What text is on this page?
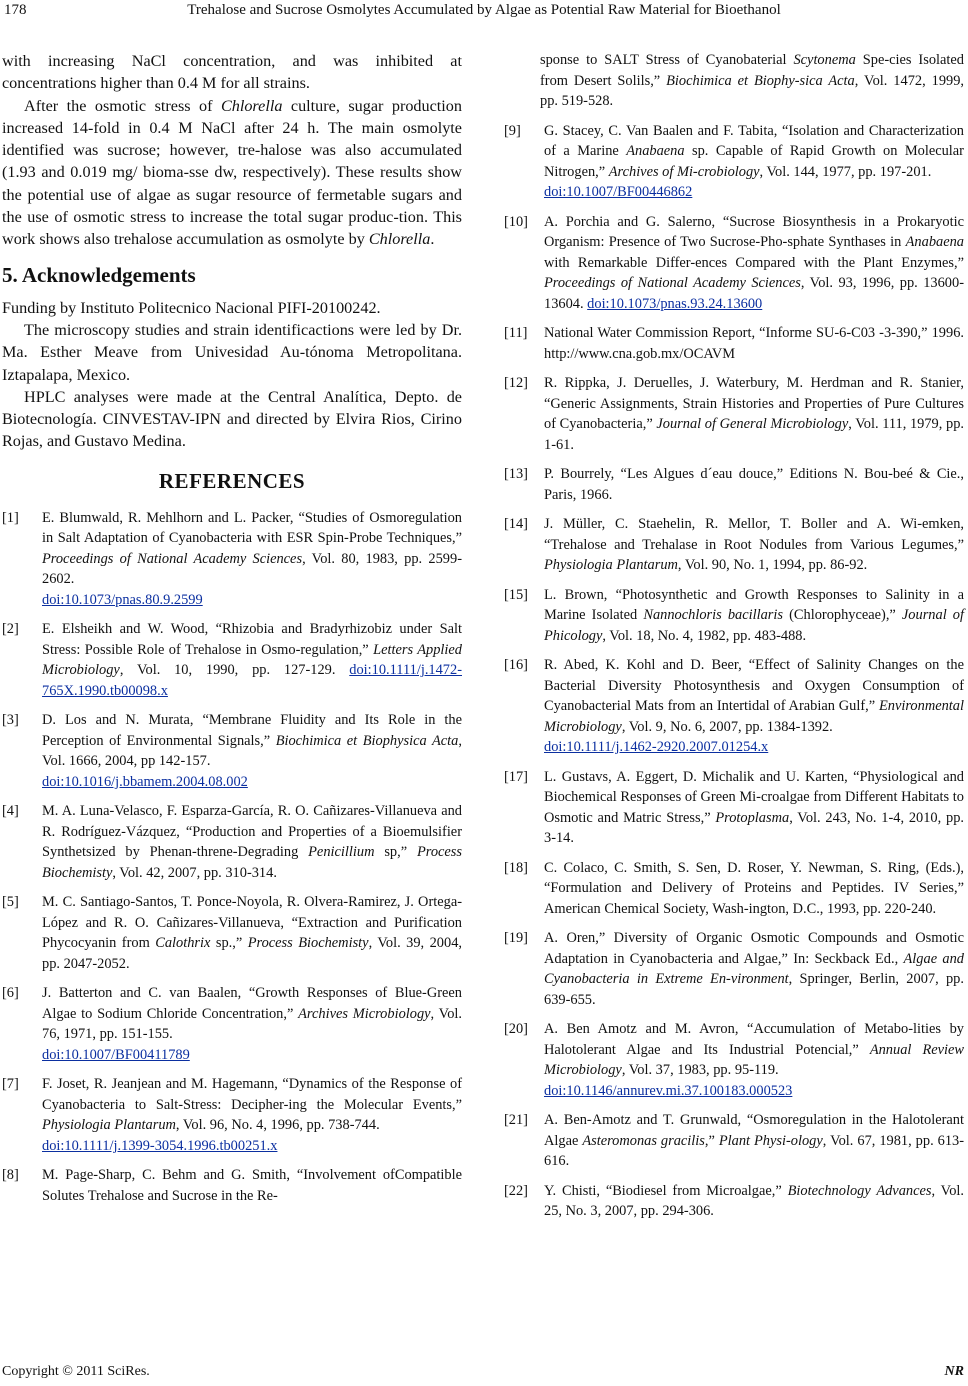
178	Trehalose and Sucrose Osmolytes Accumulated by Algae as Potential Raw Material for Bioethanol

with increasing NaCl concentration, and was inhibited at concentrations higher than 0.4 M for all strains.

After the osmotic stress of Chlorella culture, sugar production increased 14-fold in 0.4 M NaCl after 24 h. The main osmolyte identified was sucrose; however, tre-halose was also accumulated (1.93 and 0.019 mg/ bioma-sse dw, respectively). These results show the potential use of algae as sugar resource of fermetable sugars and the use of osmotic stress to increase the total sugar produc-tion. This work shows also trehalose accumulation as osmolyte by Chlorella.

5. Acknowledgements

Funding by Instituto Politecnico Nacional PIFI-20100242.

The microscopy studies and strain identificactions were led by Dr. Ma. Esther Meave from Univesidad Au-tónoma Metropolitana. Iztapalapa, Mexico.

HPLC analyses were made at the Central Analítica, Depto. de Biotecnología. CINVESTAV-IPN and directed by Elvira Rios, Cirino Rojas, and Gustavo Medina.

REFERENCES
[1]	E. Blumwald, R. Mehlhorn and L. Packer, “Studies of Osmoregulation in Salt Adaptation of Cyanobacteria with ESR Spin-Probe Techniques,” Proceedings of National Academy Sciences, Vol. 80, 1983, pp. 2599-2602.
doi:10.1073/pnas.80.9.2599
[2]	E. Elsheikh and W. Wood, “Rhizobia and Bradyrhizobiz under Salt Stress: Possible Role of Trehalose in Osmo-regulation,” Letters Applied Microbiology, Vol. 10, 1990, pp. 127-129. doi:10.1111/j.1472-765X.1990.tb00098.x
[3]	D. Los and N. Murata, “Membrane Fluidity and Its Role in the Perception of Environmental Signals,” Biochimica et Biophysica Acta, Vol. 1666, 2004, pp 142-157.
doi:10.1016/j.bbamem.2004.08.002
[4]	M. A. Luna-Velasco, F. Esparza-García, R. O. Cañizares-Villanueva and R. Rodríguez-Vázquez, “Production and Properties of a Bioemulsifier Synthetsized by Phenan-threne-Degrading Penicillium sp,” Process Biochemisty, Vol. 42, 2007, pp. 310-314.
[5]	M. C. Santiago-Santos, T. Ponce-Noyola, R. Olvera-Ramirez, J. Ortega-López and R. O. Cañizares-Villanueva, “Extraction and Purification Phycocyanin from Calothrix sp.,” Process Biochemisty, Vol. 39, 2004, pp. 2047-2052.
[6]	J. Batterton and C. van Baalen, “Growth Responses of Blue-Green Algae to Sodium Chloride Concentration,” Archives Microbiology, Vol. 76, 1971, pp. 151-155.
doi:10.1007/BF00411789
[7]	F. Joset, R. Jeanjean and M. Hagemann, “Dynamics of the Response of Cyanobacteria to Salt-Stress: Decipher-ing the Molecular Events,” Physiologia Plantarum, Vol. 96, No. 4, 1996, pp. 738-744.
doi:10.1111/j.1399-3054.1996.tb00251.x
[8]	M. Page-Sharp, C. Behm and G. Smith, “Involvement ofCompatible Solutes Trehalose and Sucrose in the Re-
sponse to SALT Stress of Cyanobaterial Scytonema Spe-cies Isolated from Desert Solils,” Biochimica et Biophy-sica Acta, Vol. 1472, 1999, pp. 519-528.
[9]	G. Stacey, C. Van Baalen and F. Tabita, “Isolation and Characterization of a Marine Anabaena sp. Capable of Rapid Growth on Molecular Nitrogen,” Archives of Mi-crobiology, Vol. 144, 1977, pp. 197-201.
doi:10.1007/BF00446862
[10]	A. Porchia and G. Salerno, “Sucrose Biosynthesis in a Prokaryotic Organism: Presence of Two Sucrose-Pho-sphate Synthases in Anabaena with Remarkable Differ-ences Compared with the Plant Enzymes,” Proceedings of National Academy Sciences, Vol. 93, 1996, pp. 13600-13604. doi:10.1073/pnas.93.24.13600
[11]	National Water Commission Report, “Informe SU-6-C03 -3-390,” 1996. http://www.cna.gob.mx/OCAVM
[12]	R. Rippka, J. Deruelles, J. Waterbury, M. Herdman and R. Stanier, “Generic Assignments, Strain Histories and Properties of Pure Cultures of Cyanobacteria,” Journal of General Microbiology, Vol. 111, 1979, pp. 1-61.
[13]	P. Bourrely, “Les Algues d´eau douce,” Editions N. Bou-beé & Cie., Paris, 1966.
[14]	J. Müller, C. Staehelin, R. Mellor, T. Boller and A. Wi-emken, “Trehalose and Trehalase in Root Nodules from Various Legumes,” Physiologia Plantarum, Vol. 90, No. 1, 1994, pp. 86-92.
[15]	L. Brown, “Photosynthetic and Growth Responses to Salinity in a Marine Isolated Nannochloris bacillaris (Chlorophyceae),” Journal of Phicology, Vol. 18, No. 4, 1982, pp. 483-488.
[16]	R. Abed, K. Kohl and D. Beer, “Effect of Salinity Changes on the Bacterial Diversity Photosynthesis and Oxygen Consumption of Cyanobacterial Mats from an Intertidal of Arabian Gulf,” Environmental Microbiology, Vol. 9, No. 6, 2007, pp. 1384-1392.
doi:10.1111/j.1462-2920.2007.01254.x
[17]	L. Gustavs, A. Eggert, D. Michalik and U. Karten, “Physiological and Biochemical Responses of Green Mi-croalgae from Different Habitats to Osmotic and Matric Stress,” Protoplasma, Vol. 243, No. 1-4, 2010, pp. 3-14.
[18]	C. Colaco, C. Smith, S. Sen, D. Roser, Y. Newman, S. Ring, (Eds.), “Formulation and Delivery of Proteins and Peptides. IV Series,” American Chemical Society, Wash-ington, D.C., 1993, pp. 220-240.
[19]	A. Oren,” Diversity of Organic Osmotic Compounds and Osmotic Adaptation in Cyanobacteria and Algae,” In: Seckback Ed., Algae and Cyanobacteria in Extreme En-vironment, Springer, Berlin, 2007, pp. 639-655.
[20]	A. Ben Amotz and M. Avron, “Accumulation of Metabo-lities by Halotolerant Algae and Its Industrial Potencial,” Annual Review Microbiology, Vol. 37, 1983, pp. 95-119.
doi:10.1146/annurev.mi.37.100183.000523
[21]	A. Ben-Amotz and T. Grunwald, “Osmoregulation in the Halotolerant Algae Asteromonas gracilis,” Plant Physi-ology, Vol. 67, 1981, pp. 613-616.
[22]	Y. Chisti, “Biodiesel from Microalgae,” Biotechnology Advances, Vol. 25, No. 3, 2007, pp. 294-306.
Copyright © 2011 SciRes.	NR
